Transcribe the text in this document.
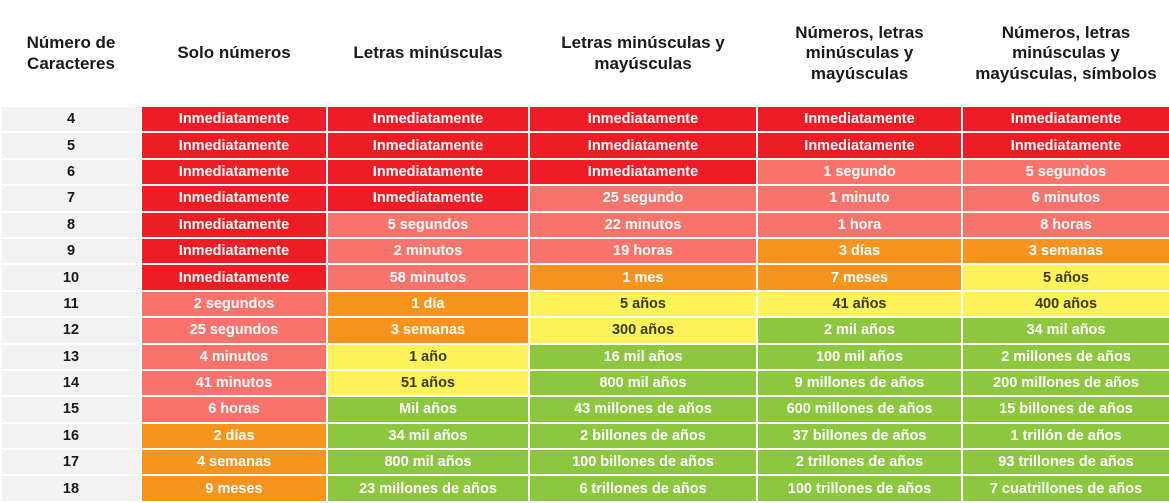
Número de Caracteres	Solo números	Letras minúsculas	Letras minúsculas y mayúsculas	Números, letras minúsculas y mayúsculas	Números, letras minúsculas y mayúsculas, símbolos
4	Inmediatamente	Inmediatamente	Inmediatamente	Inmediatamente	Inmediatamente
5	Inmediatamente	Inmediatamente	Inmediatamente	Inmediatamente	Inmediatamente
6	Inmediatamente	Inmediatamente	Inmediatamente	1 segundo	5 segundos
7	Inmediatamente	Inmediatamente	25 segundo	1 minuto	6 minutos
8	Inmediatamente	5 segundos	22 minutos	1 hora	8 horas
9	Inmediatamente	2 minutos	19 horas	3 días	3 semanas
10	Inmediatamente	58 minutos	1 mes	7 meses	5 años
11	2 segundos	1 día	5 años	41 años	400 años
12	25 segundos	3 semanas	300 años	2 mil años	34 mil años
13	4 minutos	1 año	16 mil años	100 mil años	2 millones de años
14	41 minutos	51 años	800 mil años	9 millones de años	200 millones de años
15	6 horas	Mil años	43 millones de años	600 millones de años	15 billones de años
16	2 días	34 mil años	2 billones de años	37 billones de años	1 trillón de años
17	4 semanas	800 mil años	100 billones de años	2 trillones de años	93 trillones de años
18	9 meses	23 millones de años	6 trillones de años	100 trillones de años	7 cuatrillones de años
